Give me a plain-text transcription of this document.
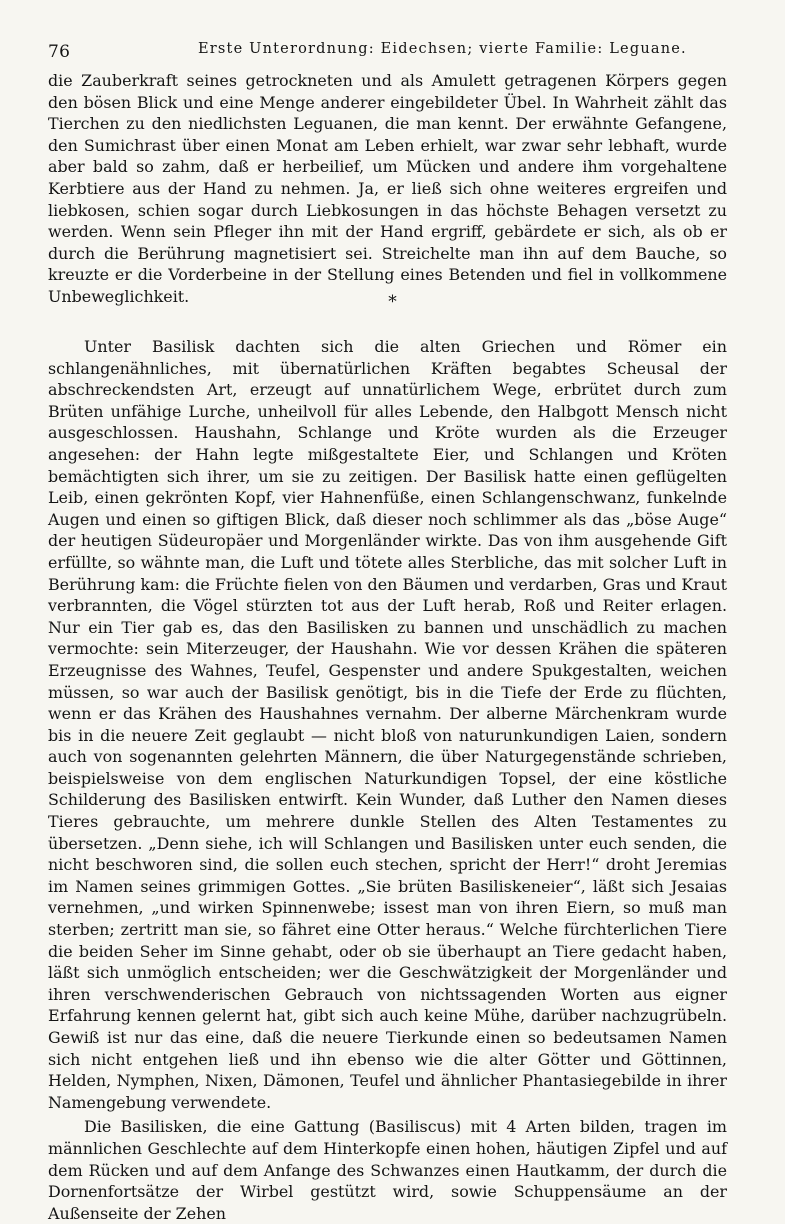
76	Erste Unterordnung: Eidechsen; vierte Familie: Leguane.

die Zauberkraft seines getrockneten und als Amulett getragenen Körpers gegen den bösen Blick und eine Menge anderer eingebildeter Übel. In Wahrheit zählt das Tierchen zu den niedlichsten Leguanen, die man kennt. Der erwähnte Gefangene, den Sumichrast über einen Monat am Leben erhielt, war zwar sehr lebhaft, wurde aber bald so zahm, daß er herbeilief, um Mücken und andere ihm vorgehaltene Kerbtiere aus der Hand zu nehmen. Ja, er ließ sich ohne weiteres ergreifen und liebkosen, schien sogar durch Liebkosungen in das höchste Behagen versetzt zu werden. Wenn sein Pfleger ihn mit der Hand ergriff, gebärdete er sich, als ob er durch die Berührung magnetisiert sei. Streichelte man ihn auf dem Bauche, so kreuzte er die Vorderbeine in der Stellung eines Betenden und fiel in vollkommene Unbeweglichkeit.	*

Unter Basilisk dachten sich die alten Griechen und Römer ein schlangenähnliches, mit übernatürlichen Kräften begabtes Scheusal der abschreckendsten Art, erzeugt auf unnatürlichem Wege, erbrütet durch zum Brüten unfähige Lurche, unheilvoll für alles Lebende, den Halbgott Mensch nicht ausgeschlossen. Haushahn, Schlange und Kröte wurden als die Erzeuger angesehen: der Hahn legte mißgestaltete Eier, und Schlangen und Kröten bemächtigten sich ihrer, um sie zu zeitigen. Der Basilisk hatte einen geflügelten Leib, einen gekrönten Kopf, vier Hahnenfüße, einen Schlangenschwanz, funkelnde Augen und einen so giftigen Blick, daß dieser noch schlimmer als das „böse Auge“ der heutigen Südeuropäer und Morgenländer wirkte. Das von ihm ausgehende Gift erfüllte, so wähnte man, die Luft und tötete alles Sterbliche, das mit solcher Luft in Berührung kam: die Früchte fielen von den Bäumen und verdarben, Gras und Kraut verbrannten, die Vögel stürzten tot aus der Luft herab, Roß und Reiter erlagen. Nur ein Tier gab es, das den Basilisken zu bannen und unschädlich zu machen vermochte: sein Miterzeuger, der Haushahn. Wie vor dessen Krähen die späteren Erzeugnisse des Wahnes, Teufel, Gespenster und andere Spukgestalten, weichen müssen, so war auch der Basilisk genötigt, bis in die Tiefe der Erde zu flüchten, wenn er das Krähen des Haushahnes vernahm. Der alberne Märchenkram wurde bis in die neuere Zeit geglaubt — nicht bloß von naturunkundigen Laien, sondern auch von sogenannten gelehrten Männern, die über Naturgegenstände schrieben, beispielsweise von dem englischen Naturkundigen Topsel, der eine köstliche Schilderung des Basilisken entwirft. Kein Wunder, daß Luther den Namen dieses Tieres gebrauchte, um mehrere dunkle Stellen des Alten Testamentes zu übersetzen. „Denn siehe, ich will Schlangen und Basilisken unter euch senden, die nicht beschworen sind, die sollen euch stechen, spricht der Herr!“ droht Jeremias im Namen seines grimmigen Gottes. „Sie brüten Basiliskeneier“, läßt sich Jesaias vernehmen, „und wirken Spinnenwebe; issest man von ihren Eiern, so muß man sterben; zertritt man sie, so fähret eine Otter heraus.“ Welche fürchterlichen Tiere die beiden Seher im Sinne gehabt, oder ob sie überhaupt an Tiere gedacht haben, läßt sich unmöglich entscheiden; wer die Geschwätzigkeit der Morgenländer und ihren verschwenderischen Gebrauch von nichtssagenden Worten aus eigner Erfahrung kennen gelernt hat, gibt sich auch keine Mühe, darüber nachzugrübeln. Gewiß ist nur das eine, daß die neuere Tierkunde einen so bedeutsamen Namen sich nicht entgehen ließ und ihn ebenso wie die alter Götter und Göttinnen, Helden, Nymphen, Nixen, Dämonen, Teufel und ähnlicher Phantasiegebilde in ihrer Namengebung verwendete.

Die Basilisken, die eine Gattung (Basiliscus) mit 4 Arten bilden, tragen im männlichen Geschlechte auf dem Hinterkopfe einen hohen, häutigen Zipfel und auf dem Rücken und auf dem Anfange des Schwanzes einen Hautkamm, der durch die Dornenfortsätze der Wirbel gestützt wird, sowie Schuppensäume an der Außenseite der Zehen
